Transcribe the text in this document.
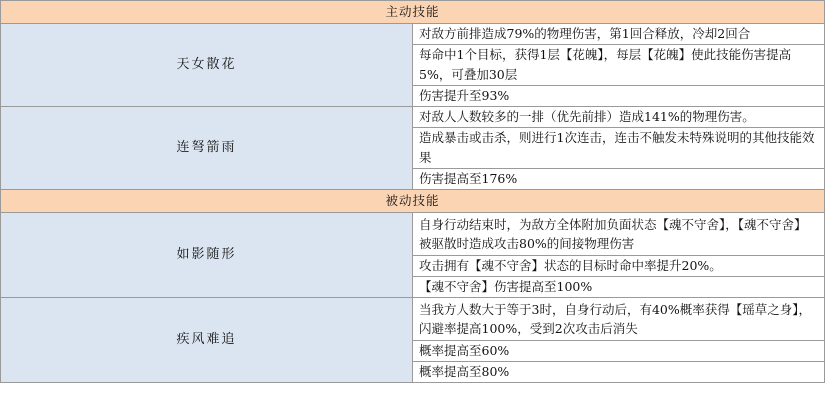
主动技能	
天女散花	对敌方前排造成79%的物理伤害，第1回合释放，冷却2回合
	每命中1个目标，获得1层【花魄】，每层【花魄】使此技能伤害提高5%，可叠加30层
	伤害提升至93%
连弩箭雨	对敌人人数较多的一排（优先前排）造成141%的物理伤害。
	造成暴击或击杀，则进行1次连击，连击不触发未特殊说明的其他技能效果
	伤害提高至176%
被动技能	
如影随形	自身行动结束时，为敌方全体附加负面状态【魂不守舍】，【魂不守舍】被驱散时造成攻击80%的间接物理伤害
	攻击拥有【魂不守舍】状态的目标时命中率提升20%。
	【魂不守舍】伤害提高至100%
疾风难追	当我方人数大于等于3时，自身行动后，有40%概率获得【瑶草之身】，闪避率提高100%，受到2次攻击后消失
	概率提高至60%
	概率提高至80%
